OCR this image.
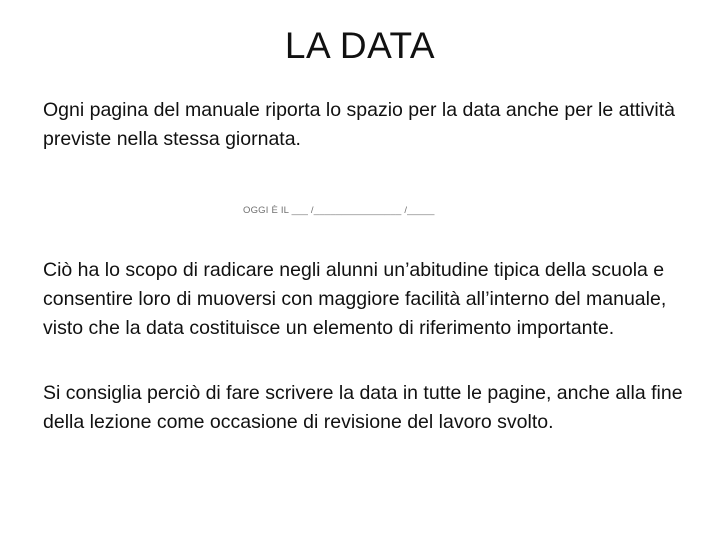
LA DATA

Ogni pagina del manuale riporta lo spazio per la data anche per le attività previste nella stessa giornata.

OGGI È IL ___ /________________ /_____

Ciò ha lo scopo di radicare negli alunni un’abitudine tipica della scuola e consentire loro di muoversi con maggiore facilità all’interno del manuale, visto che la data costituisce un elemento di riferimento importante.

Si consiglia perciò di fare scrivere la data in tutte le pagine, anche alla fine della lezione come occasione di revisione del lavoro svolto.
